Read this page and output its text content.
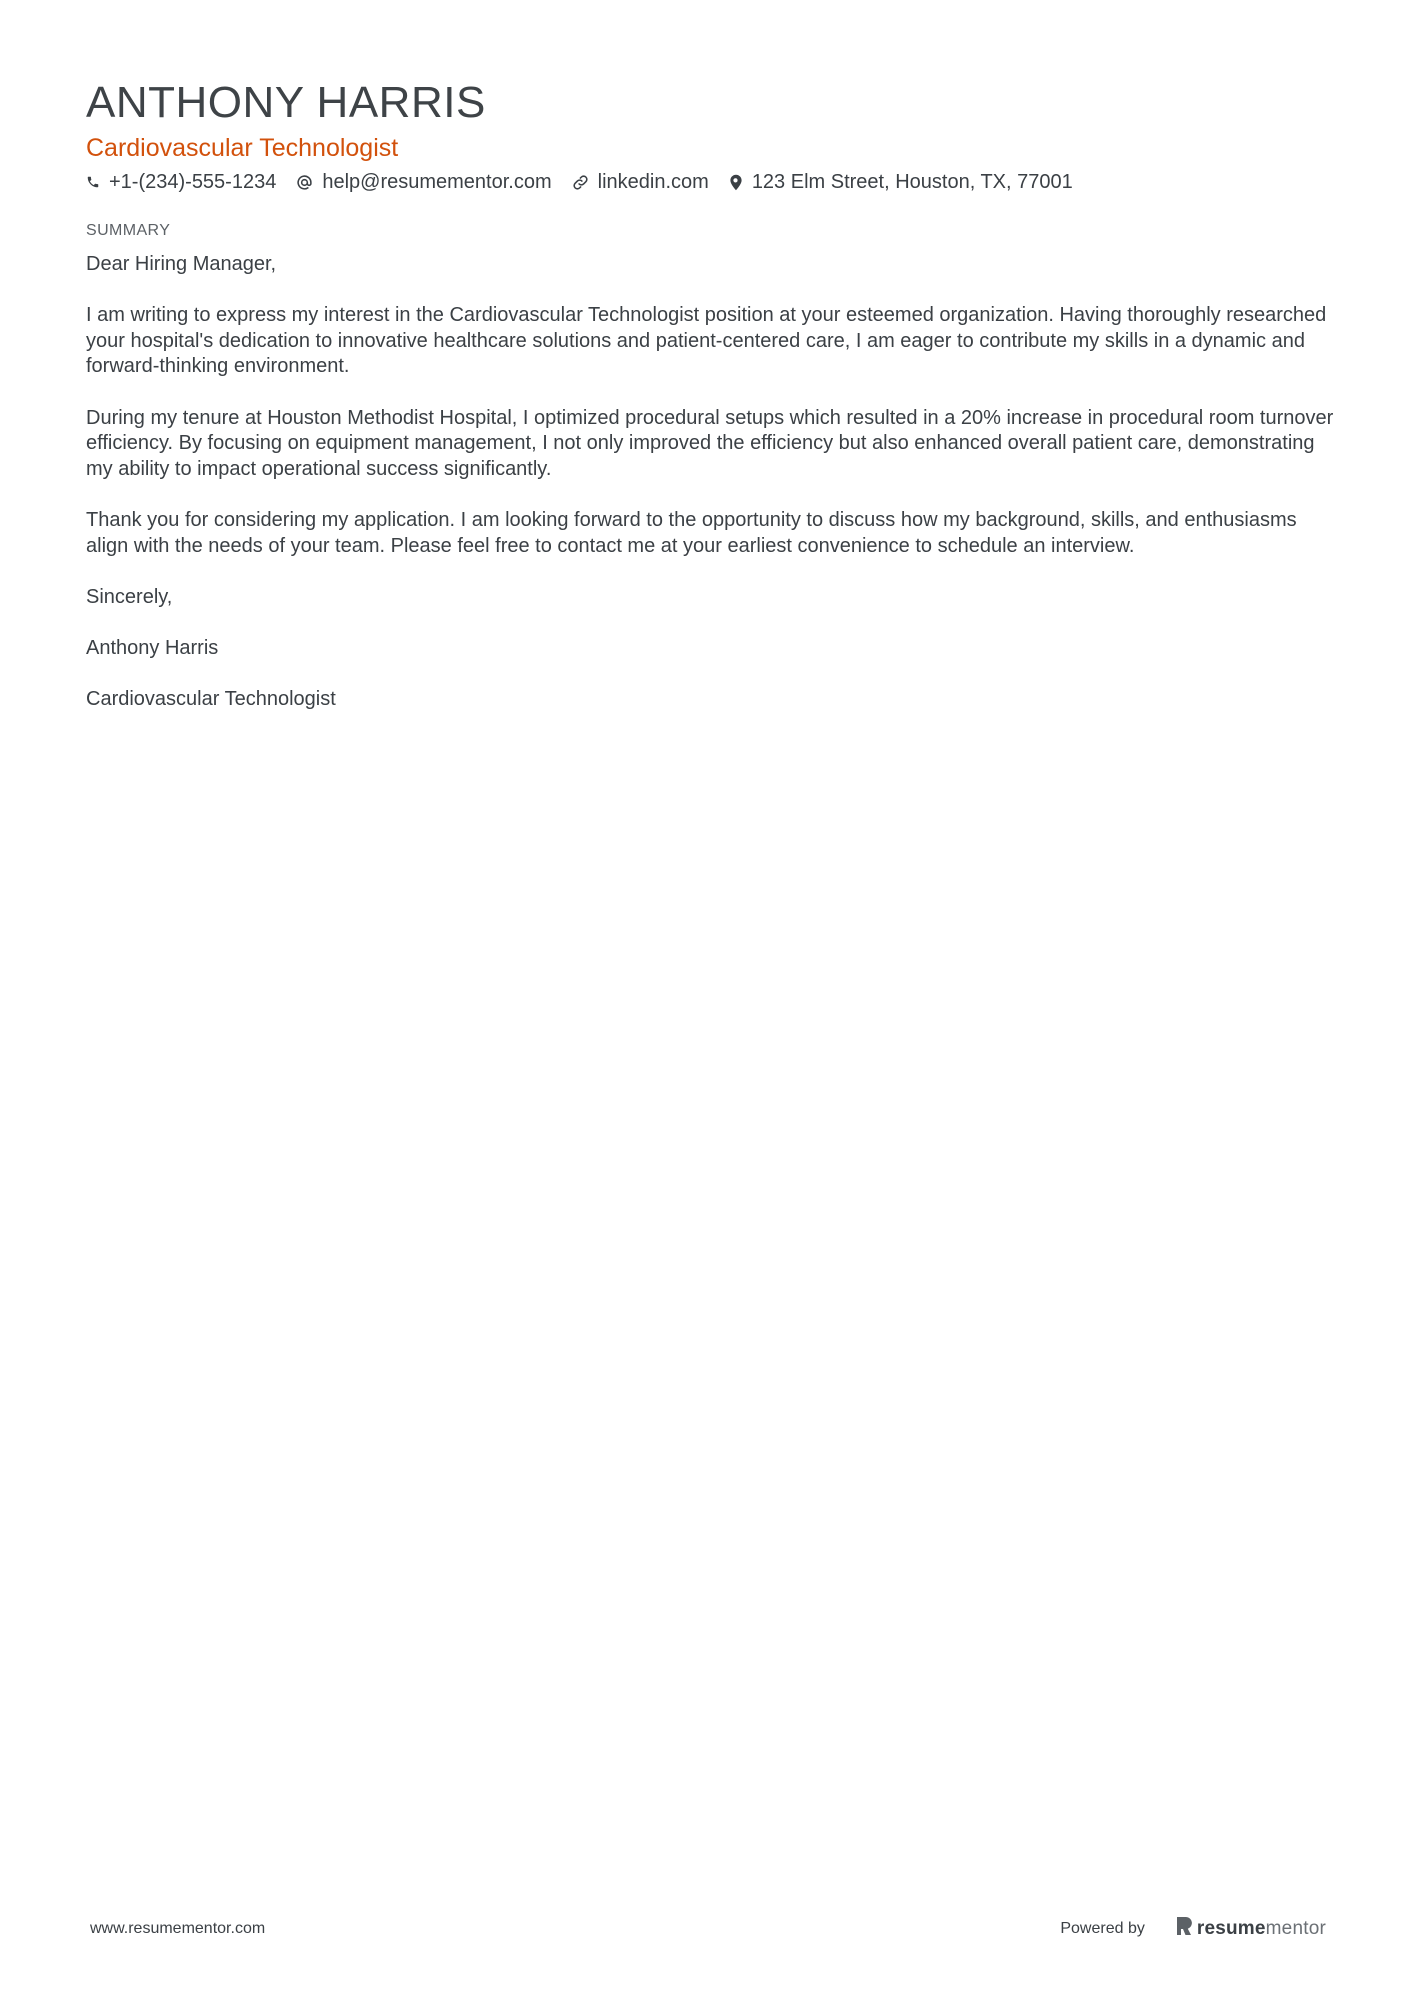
ANTHONY HARRIS
Cardiovascular Technologist
+1-(234)-555-1234 help@resumementor.com linkedin.com 123 Elm Street, Houston, TX, 77001
SUMMARY

Dear Hiring Manager,

I am writing to express my interest in the Cardiovascular Technologist position at your esteemed organization. Having thoroughly researched your hospital's dedication to innovative healthcare solutions and patient-centered care, I am eager to contribute my skills in a dynamic and forward-thinking environment.

During my tenure at Houston Methodist Hospital, I optimized procedural setups which resulted in a 20% increase in procedural room turnover efficiency. By focusing on equipment management, I not only improved the efficiency but also enhanced overall patient care, demonstrating my ability to impact operational success significantly.

Thank you for considering my application. I am looking forward to the opportunity to discuss how my background, skills, and enthusiasms align with the needs of your team. Please feel free to contact me at your earliest convenience to schedule an interview.

Sincerely,

Anthony Harris

Cardiovascular Technologist

www.resumementor.com	Powered by	resumementor
